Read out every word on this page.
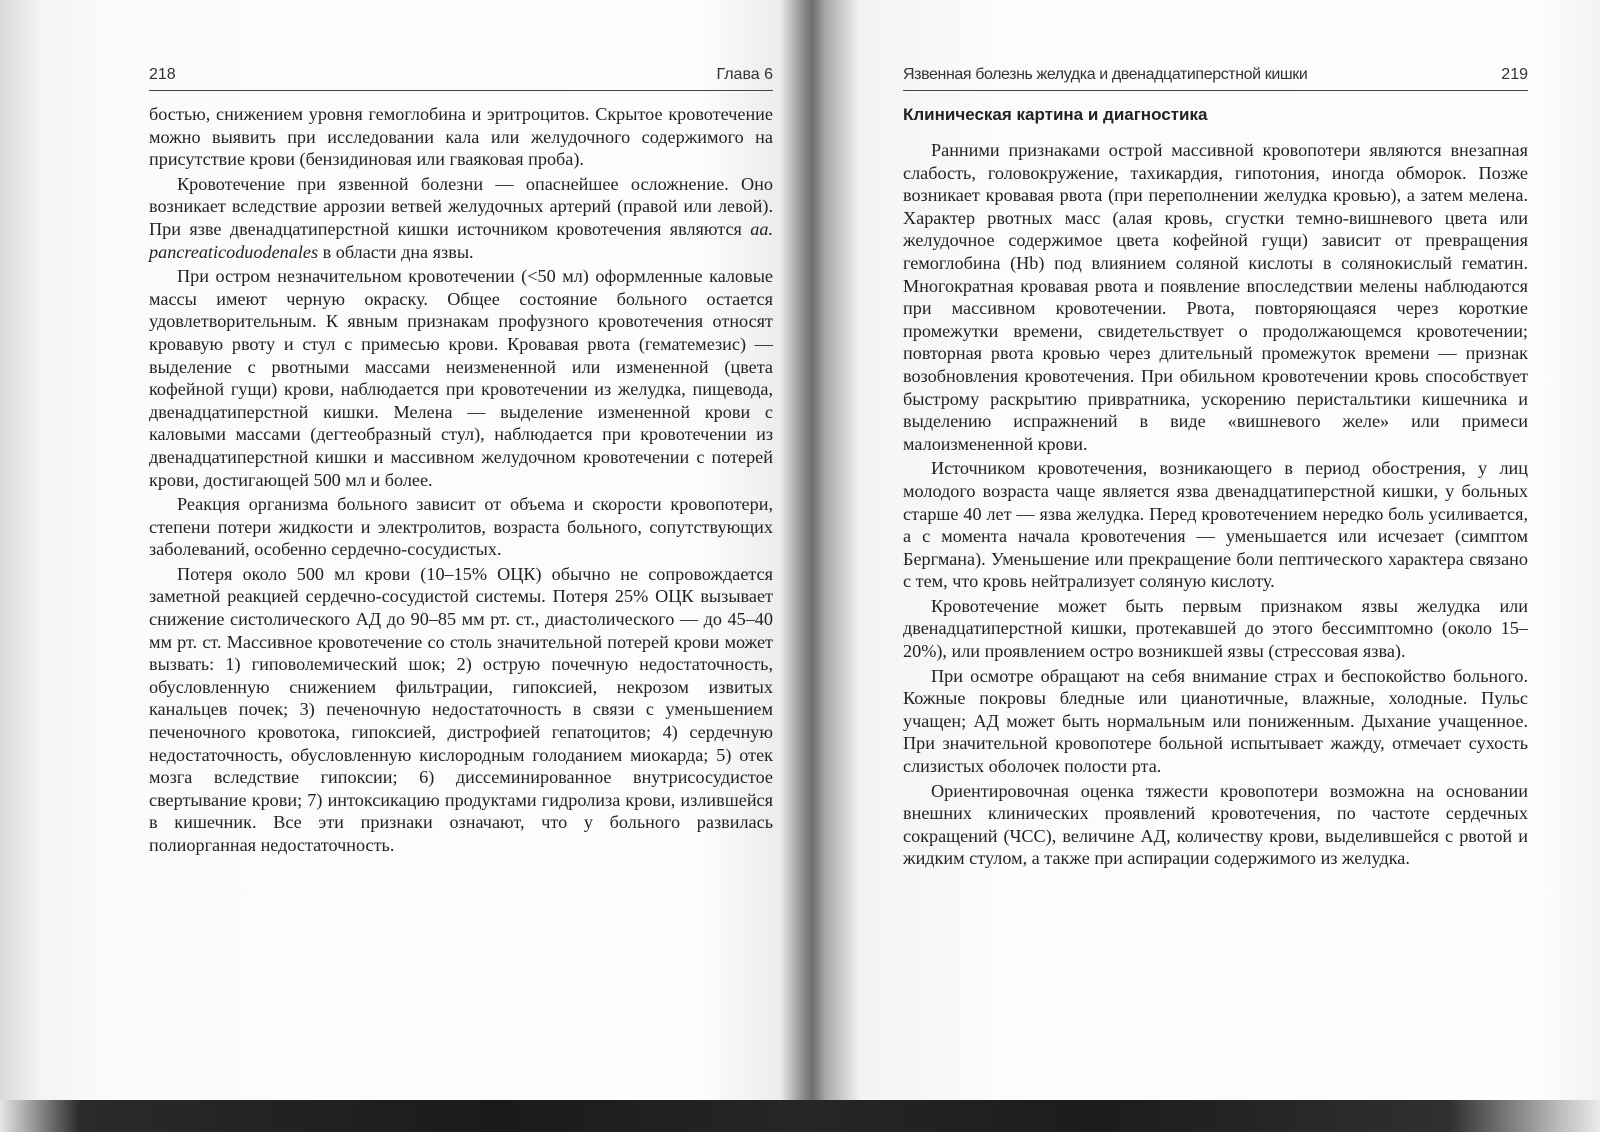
218	Глава 6

бостью, снижением уровня гемоглобина и эритроцитов. Скрытое кровотечение можно выявить при исследовании кала или желудочного содержимого на присутствие крови (бензидиновая или гваяковая проба).

Кровотечение при язвенной болезни — опаснейшее осложнение. Оно возникает вследствие аррозии ветвей желудочных артерий (правой или левой). При язве двенадцатиперстной кишки источником кровотечения являются aa. pancreaticoduodenales в области дна язвы.

При остром незначительном кровотечении (<50 мл) оформленные каловые массы имеют черную окраску. Общее состояние больного остается удовлетворительным. К явным признакам профузного кровотечения относят кровавую рвоту и стул с примесью крови. Кровавая рвота (гематемезис) — выделение с рвотными массами неизмененной или измененной (цвета кофейной гущи) крови, наблюдается при кровотечении из желудка, пищевода, двенадцатиперстной кишки. Мелена — выделение измененной крови с каловыми массами (дегтеобразный стул), наблюдается при кровотечении из двенадцатиперстной кишки и массивном желудочном кровотечении с потерей крови, достигающей 500 мл и более.

Реакция организма больного зависит от объема и скорости кровопотери, степени потери жидкости и электролитов, возраста больного, сопутствующих заболеваний, особенно сердечно-сосудистых.

Потеря около 500 мл крови (10–15% ОЦК) обычно не сопровождается заметной реакцией сердечно-сосудистой системы. Потеря 25% ОЦК вызывает снижение систолического АД до 90–85 мм рт. ст., диастолического — до 45–40 мм рт. ст. Массивное кровотечение со столь значительной потерей крови может вызвать: 1) гиповолемический шок; 2) острую почечную недостаточность, обусловленную снижением фильтрации, гипоксией, некрозом извитых канальцев почек; 3) печеночную недостаточность в связи с уменьшением печеночного кровотока, гипоксией, дистрофией гепатоцитов; 4) сердечную недостаточность, обусловленную кислородным голоданием миокарда; 5) отек мозга вследствие гипоксии; 6) диссеминированное внутрисосудистое свертывание крови; 7) интоксикацию продуктами гидролиза крови, излившейся в кишечник. Все эти признаки означают, что у больного развилась полиорганная недостаточность.

Язвенная болезнь желудка и двенадцатиперстной кишки	219
Клиническая картина и диагностика

Ранними признаками острой массивной кровопотери являются внезапная слабость, головокружение, тахикардия, гипотония, иногда обморок. Позже возникает кровавая рвота (при переполнении желудка кровью), а затем мелена. Характер рвотных масс (алая кровь, сгустки темно-вишневого цвета или желудочное содержимое цвета кофейной гущи) зависит от превращения гемоглобина (Hb) под влиянием соляной кислоты в солянокислый гематин. Многократная кровавая рвота и появление впоследствии мелены наблюдаются при массивном кровотечении. Рвота, повторяющаяся через короткие промежутки времени, свидетельствует о продолжающемся кровотечении; повторная рвота кровью через длительный промежуток времени — признак возобновления кровотечения. При обильном кровотечении кровь способствует быстрому раскрытию привратника, ускорению перистальтики кишечника и выделению испражнений в виде «вишневого желе» или примеси малоизмененной крови.

Источником кровотечения, возникающего в период обострения, у лиц молодого возраста чаще является язва двенадцатиперстной кишки, у больных старше 40 лет — язва желудка. Перед кровотечением нередко боль усиливается, а с момента начала кровотечения — уменьшается или исчезает (симптом Бергмана). Уменьшение или прекращение боли пептического характера связано с тем, что кровь нейтрализует соляную кислоту.

Кровотечение может быть первым признаком язвы желудка или двенадцатиперстной кишки, протекавшей до этого бессимптомно (около 15–20%), или проявлением остро возникшей язвы (стрессовая язва).

При осмотре обращают на себя внимание страх и беспокойство больного. Кожные покровы бледные или цианотичные, влажные, холодные. Пульс учащен; АД может быть нормальным или пониженным. Дыхание учащенное. При значительной кровопотере больной испытывает жажду, отмечает сухость слизистых оболочек полости рта.

Ориентировочная оценка тяжести кровопотери возможна на основании внешних клинических проявлений кровотечения, по частоте сердечных сокращений (ЧСС), величине АД, количеству крови, выделившейся с рвотой и жидким стулом, а также при аспирации содержимого из желудка.
